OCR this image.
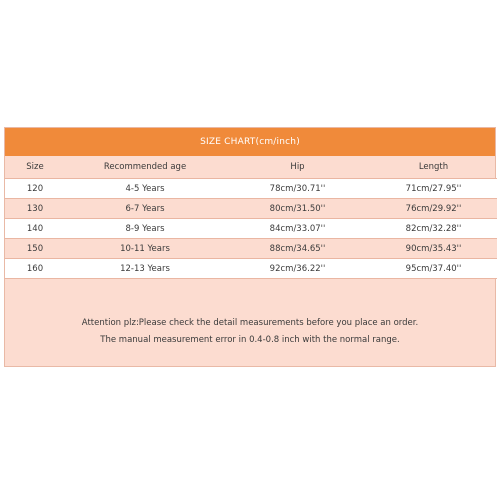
SIZE CHART(cm/inch)
Size	Recommended age	Hip	Length
120	4-5 Years	78cm/30.71''	71cm/27.95''
130	6-7 Years	80cm/31.50''	76cm/29.92''
140	8-9 Years	84cm/33.07''	82cm/32.28''
150	10-11 Years	88cm/34.65''	90cm/35.43''
160	12-13 Years	92cm/36.22''	95cm/37.40''
Attention plz:Please check the detail measurements before you place an order.
The manual measurement error in 0.4-0.8 inch with the normal range.
